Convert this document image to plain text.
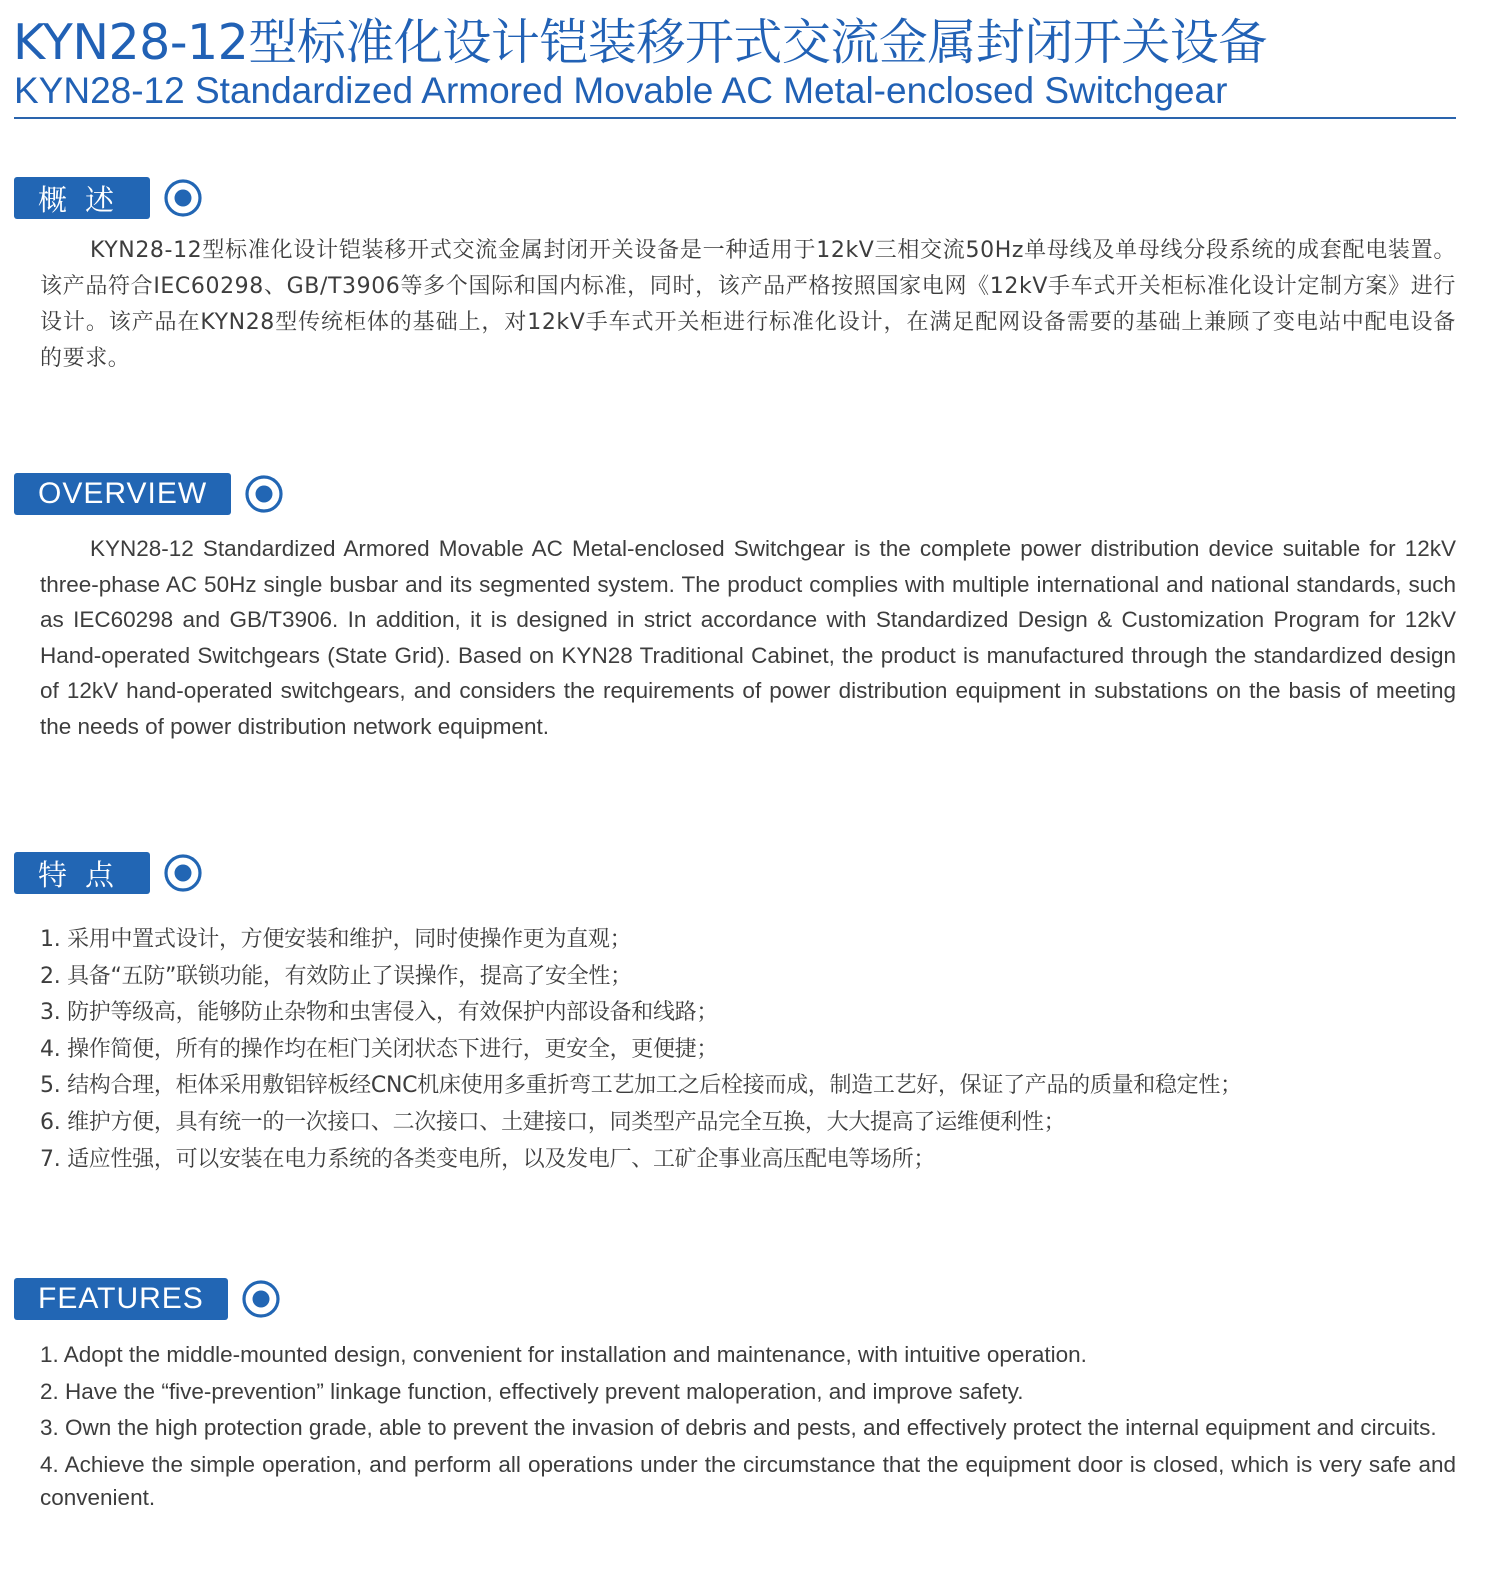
KYN28-12型标准化设计铠装移开式交流金属封闭开关设备
KYN28-12 Standardized Armored Movable AC Metal-enclosed Switchgear
概述

KYN28-12型标准化设计铠装移开式交流金属封闭开关设备是一种适用于12kV三相交流50Hz单母线及单母线分段系统的成套配电装置。该产品符合IEC60298、GB/T3906等多个国际和国内标准，同时，该产品严格按照国家电网《12kV手车式开关柜标准化设计定制方案》进行设计。该产品在KYN28型传统柜体的基础上，对12kV手车式开关柜进行标准化设计，在满足配网设备需要的基础上兼顾了变电站中配电设备的要求。

OVERVIEW

KYN28-12 Standardized Armored Movable AC Metal-enclosed Switchgear is the complete power distribution device suitable for 12kV three-phase AC 50Hz single busbar and its segmented system. The product complies with multiple international and national standards, such as IEC60298 and GB/T3906. In addition, it is designed in strict accordance with Standardized Design & Customization Program for 12kV Hand-operated Switchgears (State Grid). Based on KYN28 Traditional Cabinet, the product is manufactured through the standardized design of 12kV hand-operated switchgears, and considers the requirements of power distribution equipment in substations on the basis of meeting the needs of power distribution network equipment.

特点
1. 采用中置式设计，方便安装和维护，同时使操作更为直观；
2. 具备“五防”联锁功能，有效防止了误操作，提高了安全性；
3. 防护等级高，能够防止杂物和虫害侵入，有效保护内部设备和线路；
4. 操作简便，所有的操作均在柜门关闭状态下进行，更安全，更便捷；
5. 结构合理，柜体采用敷铝锌板经CNC机床使用多重折弯工艺加工之后栓接而成，制造工艺好，保证了产品的质量和稳定性；
6. 维护方便，具有统一的一次接口、二次接口、土建接口，同类型产品完全互换，大大提高了运维便利性；
7. 适应性强，可以安装在电力系统的各类变电所，以及发电厂、工矿企事业高压配电等场所；
FEATURES
1. Adopt the middle-mounted design, convenient for installation and maintenance, with intuitive operation.
2. Have the “five-prevention” linkage function, effectively prevent maloperation, and improve safety.
3. Own the high protection grade, able to prevent the invasion of debris and pests, and effectively protect the internal equipment and circuits.
4. Achieve the simple operation, and perform all operations under the circumstance that the equipment door is closed, which is very safe and convenient.
